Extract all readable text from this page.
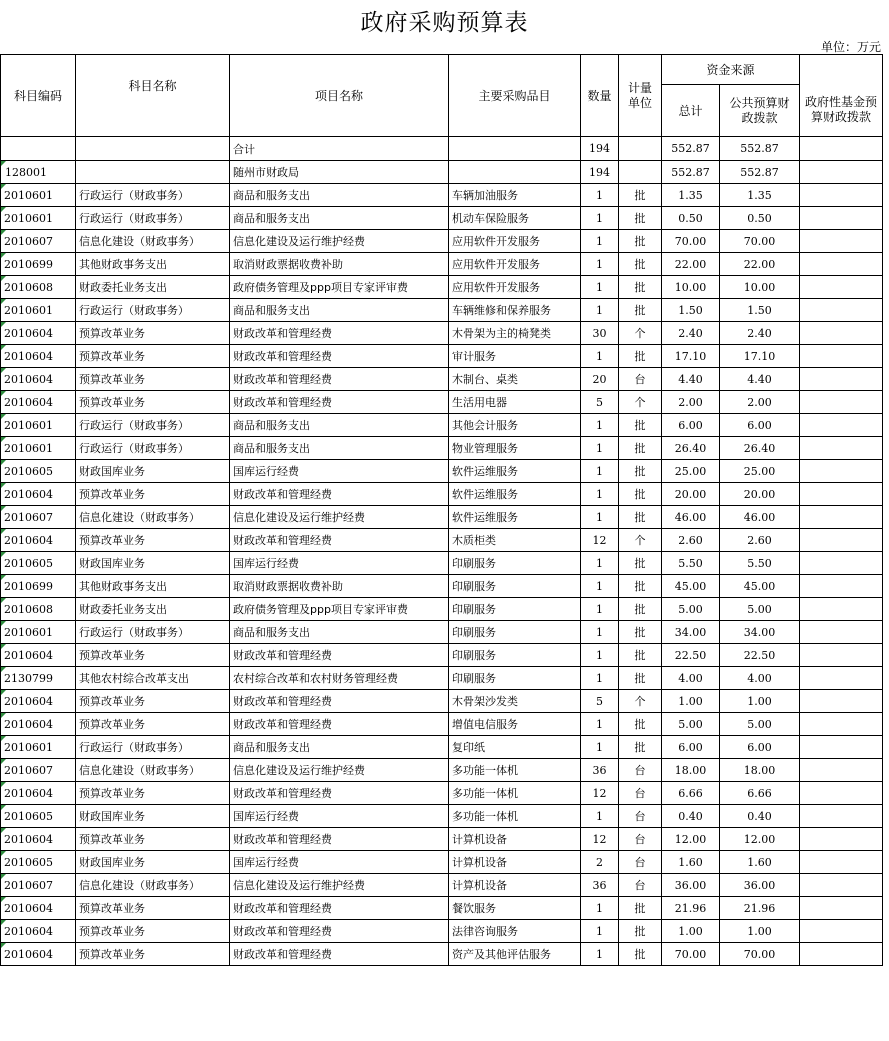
政府采购预算表
单位：万元
科目编码	科目名称	项目名称	主要采购品目	数量	计量单位	资金来源		
						总计	公共预算财政拨款	政府性基金预算财政拨款
		合计		194		552.87	552.87	
128001		随州市财政局		194		552.87	552.87	
2010601	行政运行（财政事务）	商品和服务支出	车辆加油服务	1	批	1.35	1.35	
2010601	行政运行（财政事务）	商品和服务支出	机动车保险服务	1	批	0.50	0.50	
2010607	信息化建设（财政事务）	信息化建设及运行维护经费	应用软件开发服务	1	批	70.00	70.00	
2010699	其他财政事务支出	取消财政票据收费补助	应用软件开发服务	1	批	22.00	22.00	
2010608	财政委托业务支出	政府债务管理及ppp项目专家评审费	应用软件开发服务	1	批	10.00	10.00	
2010601	行政运行（财政事务）	商品和服务支出	车辆维修和保养服务	1	批	1.50	1.50	
2010604	预算改革业务	财政改革和管理经费	木骨架为主的椅凳类	30	个	2.40	2.40	
2010604	预算改革业务	财政改革和管理经费	审计服务	1	批	17.10	17.10	
2010604	预算改革业务	财政改革和管理经费	木制台、桌类	20	台	4.40	4.40	
2010604	预算改革业务	财政改革和管理经费	生活用电器	5	个	2.00	2.00	
2010601	行政运行（财政事务）	商品和服务支出	其他会计服务	1	批	6.00	6.00	
2010601	行政运行（财政事务）	商品和服务支出	物业管理服务	1	批	26.40	26.40	
2010605	财政国库业务	国库运行经费	软件运维服务	1	批	25.00	25.00	
2010604	预算改革业务	财政改革和管理经费	软件运维服务	1	批	20.00	20.00	
2010607	信息化建设（财政事务）	信息化建设及运行维护经费	软件运维服务	1	批	46.00	46.00	
2010604	预算改革业务	财政改革和管理经费	木质柜类	12	个	2.60	2.60	
2010605	财政国库业务	国库运行经费	印刷服务	1	批	5.50	5.50	
2010699	其他财政事务支出	取消财政票据收费补助	印刷服务	1	批	45.00	45.00	
2010608	财政委托业务支出	政府债务管理及ppp项目专家评审费	印刷服务	1	批	5.00	5.00	
2010601	行政运行（财政事务）	商品和服务支出	印刷服务	1	批	34.00	34.00	
2010604	预算改革业务	财政改革和管理经费	印刷服务	1	批	22.50	22.50	
2130799	其他农村综合改革支出	农村综合改革和农村财务管理经费	印刷服务	1	批	4.00	4.00	
2010604	预算改革业务	财政改革和管理经费	木骨架沙发类	5	个	1.00	1.00	
2010604	预算改革业务	财政改革和管理经费	增值电信服务	1	批	5.00	5.00	
2010601	行政运行（财政事务）	商品和服务支出	复印纸	1	批	6.00	6.00	
2010607	信息化建设（财政事务）	信息化建设及运行维护经费	多功能一体机	36	台	18.00	18.00	
2010604	预算改革业务	财政改革和管理经费	多功能一体机	12	台	6.66	6.66	
2010605	财政国库业务	国库运行经费	多功能一体机	1	台	0.40	0.40	
2010604	预算改革业务	财政改革和管理经费	计算机设备	12	台	12.00	12.00	
2010605	财政国库业务	国库运行经费	计算机设备	2	台	1.60	1.60	
2010607	信息化建设（财政事务）	信息化建设及运行维护经费	计算机设备	36	台	36.00	36.00	
2010604	预算改革业务	财政改革和管理经费	餐饮服务	1	批	21.96	21.96	
2010604	预算改革业务	财政改革和管理经费	法律咨询服务	1	批	1.00	1.00	
2010604	预算改革业务	财政改革和管理经费	资产及其他评估服务	1	批	70.00	70.00	
